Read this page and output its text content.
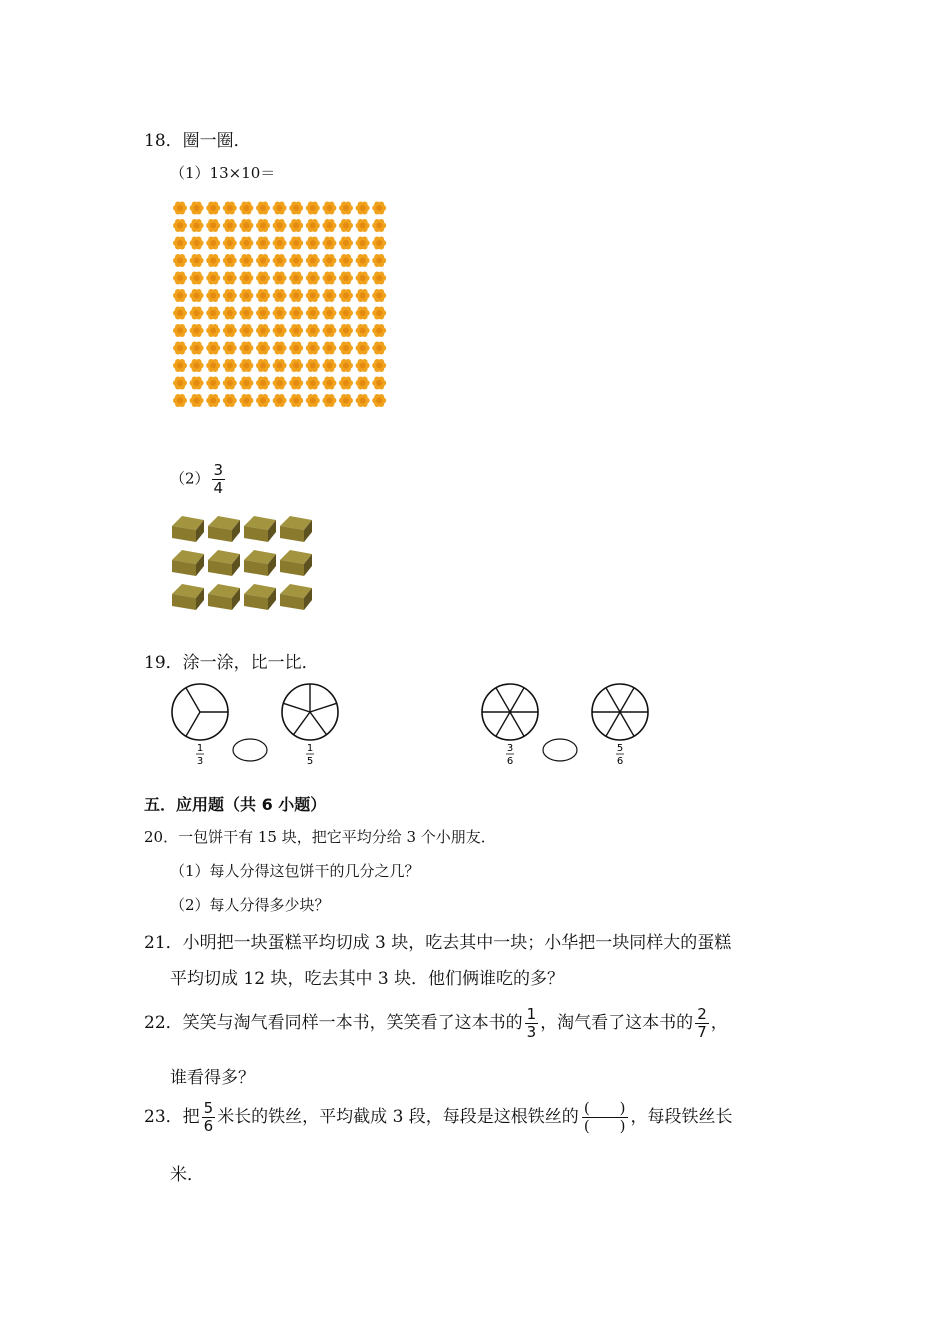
18．圈一圈．
（1）13×10＝
$(2) \frac{3}{4}$
19．涂一涂，比一比．
1
3
1
5
3
6
5
6
五．应用题（共 6 小题）
20．一包饼干有 15 块，把它平均分给 3 个小朋友．
（1）每人分得这包饼干的几分之几？
（2）每人分得多少块？
21．小明把一块蛋糕平均切成 3 块，吃去其中一块；小华把一块同样大的蛋糕
平均切成 12 块，吃去其中 3 块．他们俩谁吃的多？
22．笑笑与淘气看同样一本书，笑笑看了这本书的 $\frac{1}{3}$ ，淘气看了这本书的 $\frac{2}{7}$ ，
谁看得多？
23．把 $\frac{5}{6}$ 米长的铁丝，平均截成 3 段，每段是这根铁丝的 $\frac{( )}{( )}$ ，每段铁丝长
米．
